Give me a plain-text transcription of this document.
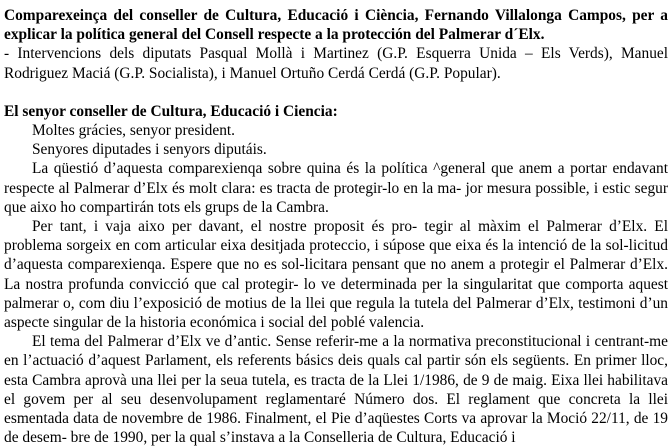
Comparexeinça del conseller de Cultura, Educació i Ciència, Fernando Villalonga Campos, per a explicar la política general del Consell respecte a la protección del Palmerar d´Elx.

- Intervencions dels diputats Pasqual Mollà i Martinez (G.P. Esquerra Unida – Els Verds), Manuel Rodriguez Maciá (G.P. Socialista), i Manuel Ortuño Cerdá Cerdá (G.P. Popular).

El senyor conseller de Cultura, Educació i Ciencia:

Moltes grácies, senyor president.

Senyores diputades i senyors diputáis.

La qüestió d’aquesta comparexienqa sobre quina és la política ^general que anem a portar endavant respecte al Palmerar d’Elx és molt clara: es tracta de protegir-lo en la ma- jor mesura possible, i estic segur que aixo ho compartirán tots els grups de la Cambra.

Per tant, i vaja aixo per davant, el nostre proposit és pro- tegir al màxim el Palmerar d’Elx. El problema sorgeix en com articular eixa desitjada proteccio, i súpose que eixa és la intenció de la sol-licitud d’aquesta comparexienqa. Espere que no es sol-licitara pensant que no anem a protegir el Palmerar d’Elx. La nostra profunda convicció que cal protegir- lo ve determinada per la singularitat que comporta aquest palmerar o, com diu l’exposició de motius de la llei que regula la tutela del Palmerar d’Elx, testimoni d’un aspecte singular de la historia económica i social del poblé valencia.

El tema del Palmerar d’Elx ve d’antic. Sense referir-me a la normativa preconstitucional i centrant-me en l’actuació d’aquest Parlament, els referents básics deis quals cal partir són els següents. En primer lloc, esta Cambra aprovà una llei per la seua tutela, es tracta de la Llei 1/1986, de 9 de maig. Eixa llei habilitava el govem per al seu desenvolupament reglamentaré Número dos. El reglament que concreta la llei esmentada data de novembre de 1986. Finalment, el Pie d’aqüestes Corts va aprovar la Moció 22/11, de 19 de desem- bre de 1990, per la qual s’instava a la Conselleria de Cultura, Educació i
